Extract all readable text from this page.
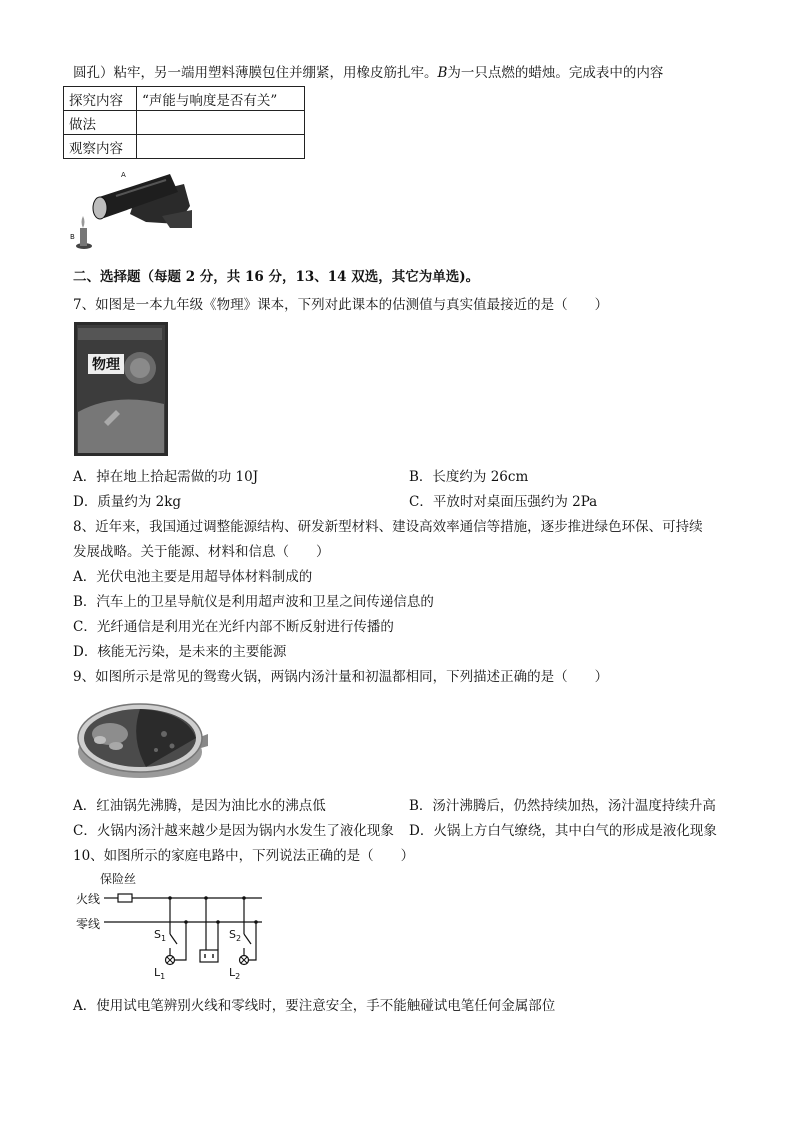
圆孔）粘牢，另一端用塑料薄膜包住并绷紧，用橡皮筋扎牢。B为一只点燃的蜡烛。完成表中的内容
探究内容	“声能与响度是否有关”
做法	
观察内容	
A
B
二、选择题（每题 2 分，共 16 分，13、14 双选，其它为单选)。
7、如图是一本九年级《物理》课本，下列对此课本的估测值与真实值最接近的是（　　）
物理
A．掉在地上拾起需做的功 10J	B．长度约为 26cm
D．质量约为 2kg	C．平放时对桌面压强约为 2Pa
8、近年来，我国通过调整能源结构、研发新型材料、建设高效率通信等措施，逐步推进绿色环保、可持续
发展战略。关于能源、材料和信息（　　）
A．光伏电池主要是用超导体材料制成的
B．汽车上的卫星导航仪是利用超声波和卫星之间传递信息的
C．光纤通信是利用光在光纤内部不断反射进行传播的
D．核能无污染，是未来的主要能源
9、如图所示是常见的鸳鸯火锅，两锅内汤汁量和初温都相同，下列描述正确的是（　　）
A．红油锅先沸腾，是因为油比水的沸点低	B．汤汁沸腾后，仍然持续加热，汤汁温度持续升高
C．火锅内汤汁越来越少是因为锅内水发生了液化现象 D．火锅上方白气缭绕，其中白气的形成是液化现象
10、如图所示的家庭电路中，下列说法正确的是（　　）
保险丝
火线
零线
$S_1$
$L_1$
$S_2$
$L_2$
A．使用试电笔辨别火线和零线时，要注意安全，手不能触碰试电笔任何金属部位
